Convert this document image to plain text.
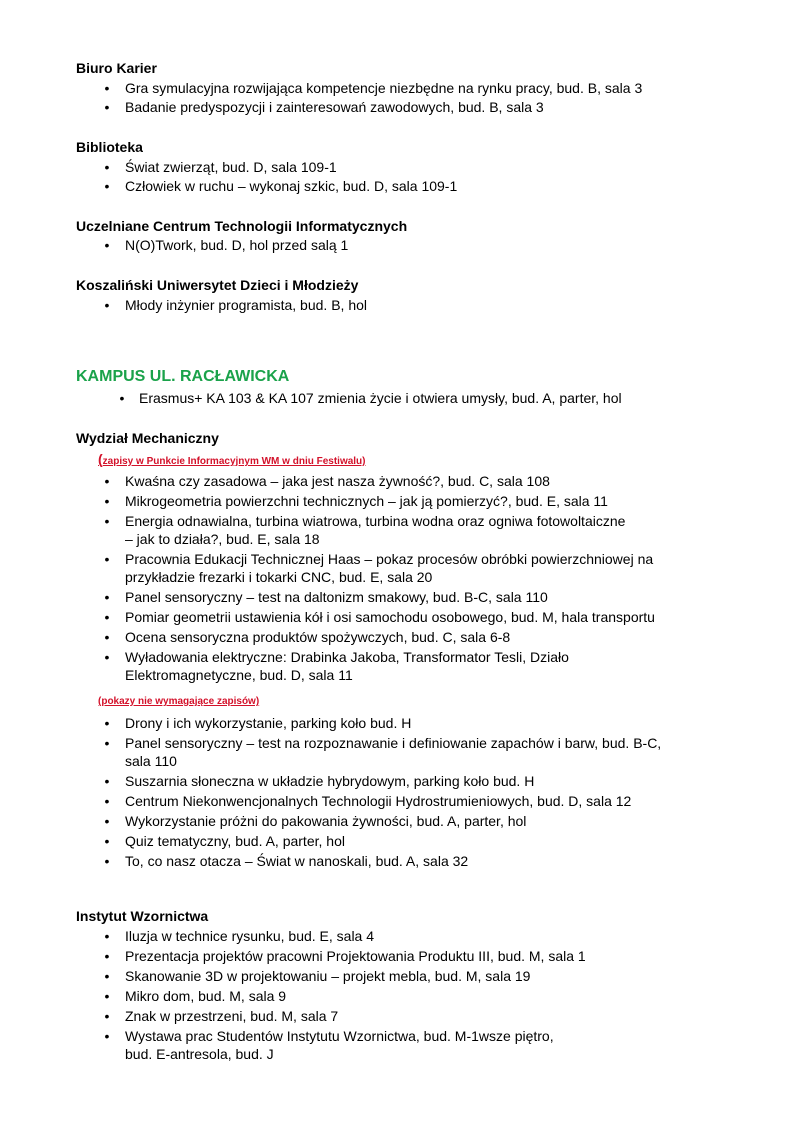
Biuro Karier
• Gra symulacyjna rozwijająca kompetencje niezbędne na rynku pracy, bud. B, sala 3
• Badanie predyspozycji i zainteresowań zawodowych, bud. B, sala 3
Biblioteka
• Świat zwierząt, bud. D, sala 109-1
• Człowiek w ruchu – wykonaj szkic, bud. D, sala 109-1
Uczelniane Centrum Technologii Informatycznych
• N(O)Twork, bud. D, hol przed salą 1
Koszaliński Uniwersytet Dzieci i Młodzieży
• Młody inżynier programista, bud. B, hol
KAMPUS UL. RACŁAWICKA
• Erasmus+ KA 103 & KA 107 zmienia życie i otwiera umysły, bud. A, parter, hol
Wydział Mechaniczny
(zapisy w Punkcie Informacyjnym WM w dniu Festiwalu)
• Kwaśna czy zasadowa – jaka jest nasza żywność?, bud. C, sala 108
• Mikrogeometria powierzchni technicznych – jak ją pomierzyć?, bud. E, sala 11
• Energia odnawialna, turbina wiatrowa, turbina wodna oraz ogniwa fotowoltaiczne
– jak to działa?, bud. E, sala 18
• Pracownia Edukacji Technicznej Haas – pokaz procesów obróbki powierzchniowej na
przykładzie frezarki i tokarki CNC, bud. E, sala 20
• Panel sensoryczny – test na daltonizm smakowy, bud. B-C, sala 110
• Pomiar geometrii ustawienia kół i osi samochodu osobowego, bud. M, hala transportu
• Ocena sensoryczna produktów spożywczych, bud. C, sala 6-8
• Wyładowania elektryczne: Drabinka Jakoba, Transformator Tesli, Działo
Elektromagnetyczne, bud. D, sala 11
(pokazy nie wymagające zapisów)
• Drony i ich wykorzystanie, parking koło bud. H
• Panel sensoryczny – test na rozpoznawanie i definiowanie zapachów i barw, bud. B-C,
sala 110
• Suszarnia słoneczna w układzie hybrydowym, parking koło bud. H
• Centrum Niekonwencjonalnych Technologii Hydrostrumieniowych, bud. D, sala 12
• Wykorzystanie próżni do pakowania żywności, bud. A, parter, hol
• Quiz tematyczny, bud. A, parter, hol
• To, co nasz otacza – Świat w nanoskali, bud. A, sala 32
Instytut Wzornictwa
• Iluzja w technice rysunku, bud. E, sala 4
• Prezentacja projektów pracowni Projektowania Produktu III, bud. M, sala 1
• Skanowanie 3D w projektowaniu – projekt mebla, bud. M, sala 19
• Mikro dom, bud. M, sala 9
• Znak w przestrzeni, bud. M, sala 7
• Wystawa prac Studentów Instytutu Wzornictwa, bud. M-1wsze piętro,
bud. E-antresola, bud. J
